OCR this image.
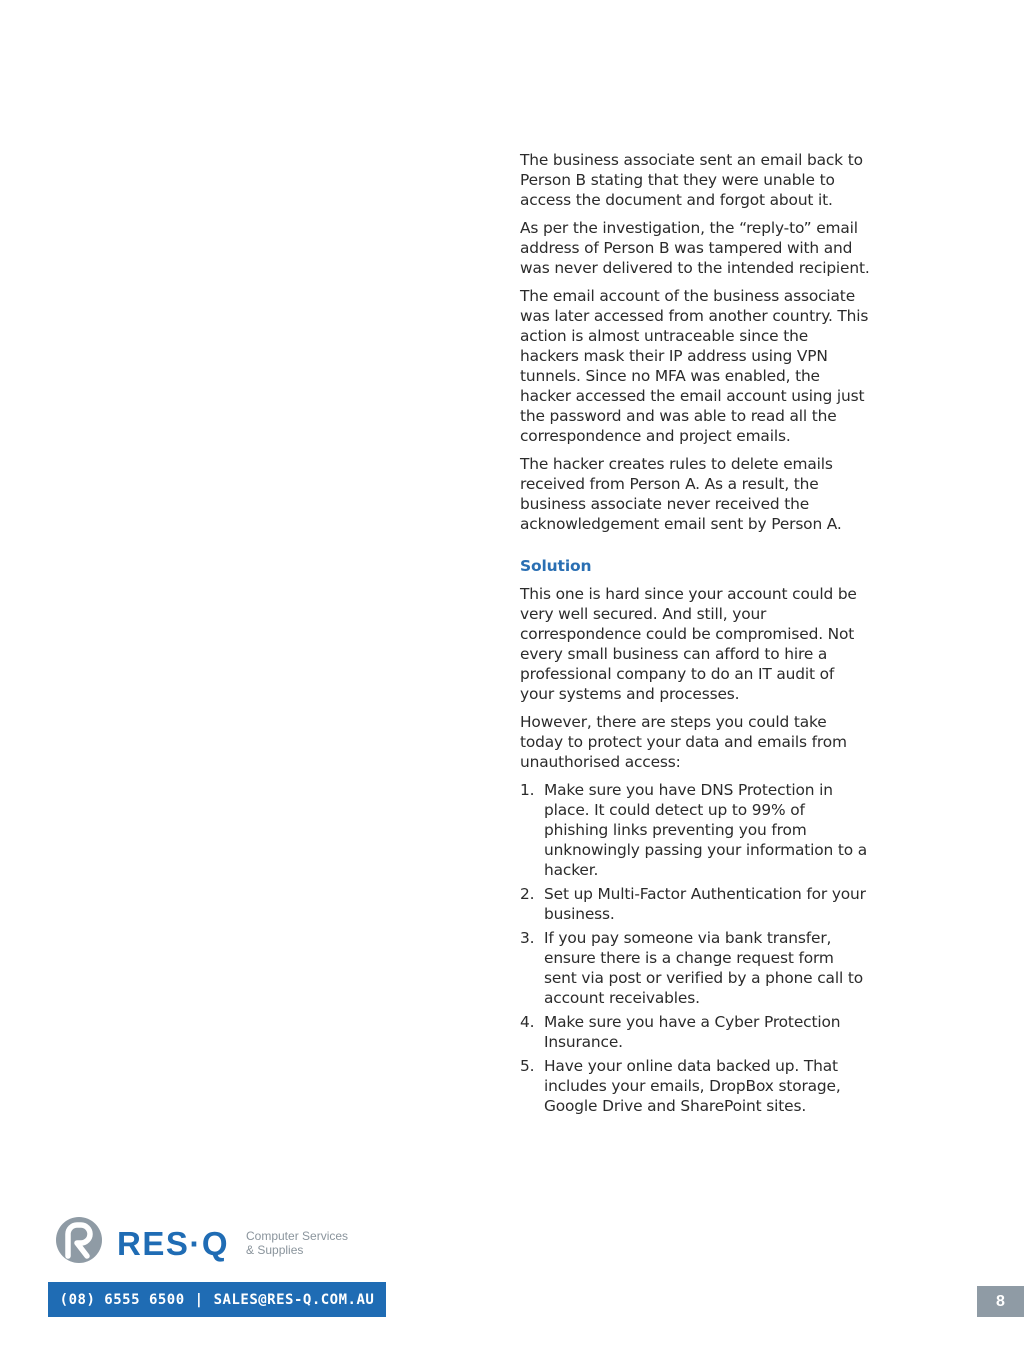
The business associate sent an email back to Person B stating that they were unable to access the document and forgot about it.

As per the investigation, the “reply-to” email address of Person B was tampered with and was never delivered to the intended recipient.

The email account of the business associate was later accessed from another country. This action is almost untraceable since the hackers mask their IP address using VPN tunnels. Since no MFA was enabled, the hacker accessed the email account using just the password and was able to read all the correspondence and project emails.

The hacker creates rules to delete emails received from Person A. As a result, the business associate never received the acknowledgement email sent by Person A.

Solution

This one is hard since your account could be very well secured. And still, your correspondence could be compromised. Not every small business can afford to hire a professional company to do an IT audit of your systems and processes.

However, there are steps you could take today to protect your data and emails from unauthorised access:

1. Make sure you have DNS Protection in place. It could detect up to 99% of phishing links preventing you from unknowingly passing your information to a hacker.
2. Set up Multi-Factor Authentication for your business.
3. If you pay someone via bank transfer, ensure there is a change request form sent via post or verified by a phone call to account receivables.
4. Make sure you have a Cyber Protection Insurance.
5. Have your online data backed up. That includes your emails, DropBox storage, Google Drive and SharePoint sites.
RES·Q Computer Services
& Supplies
(08) 6555 6500 | SALES@RES-Q.COM.AU	8
